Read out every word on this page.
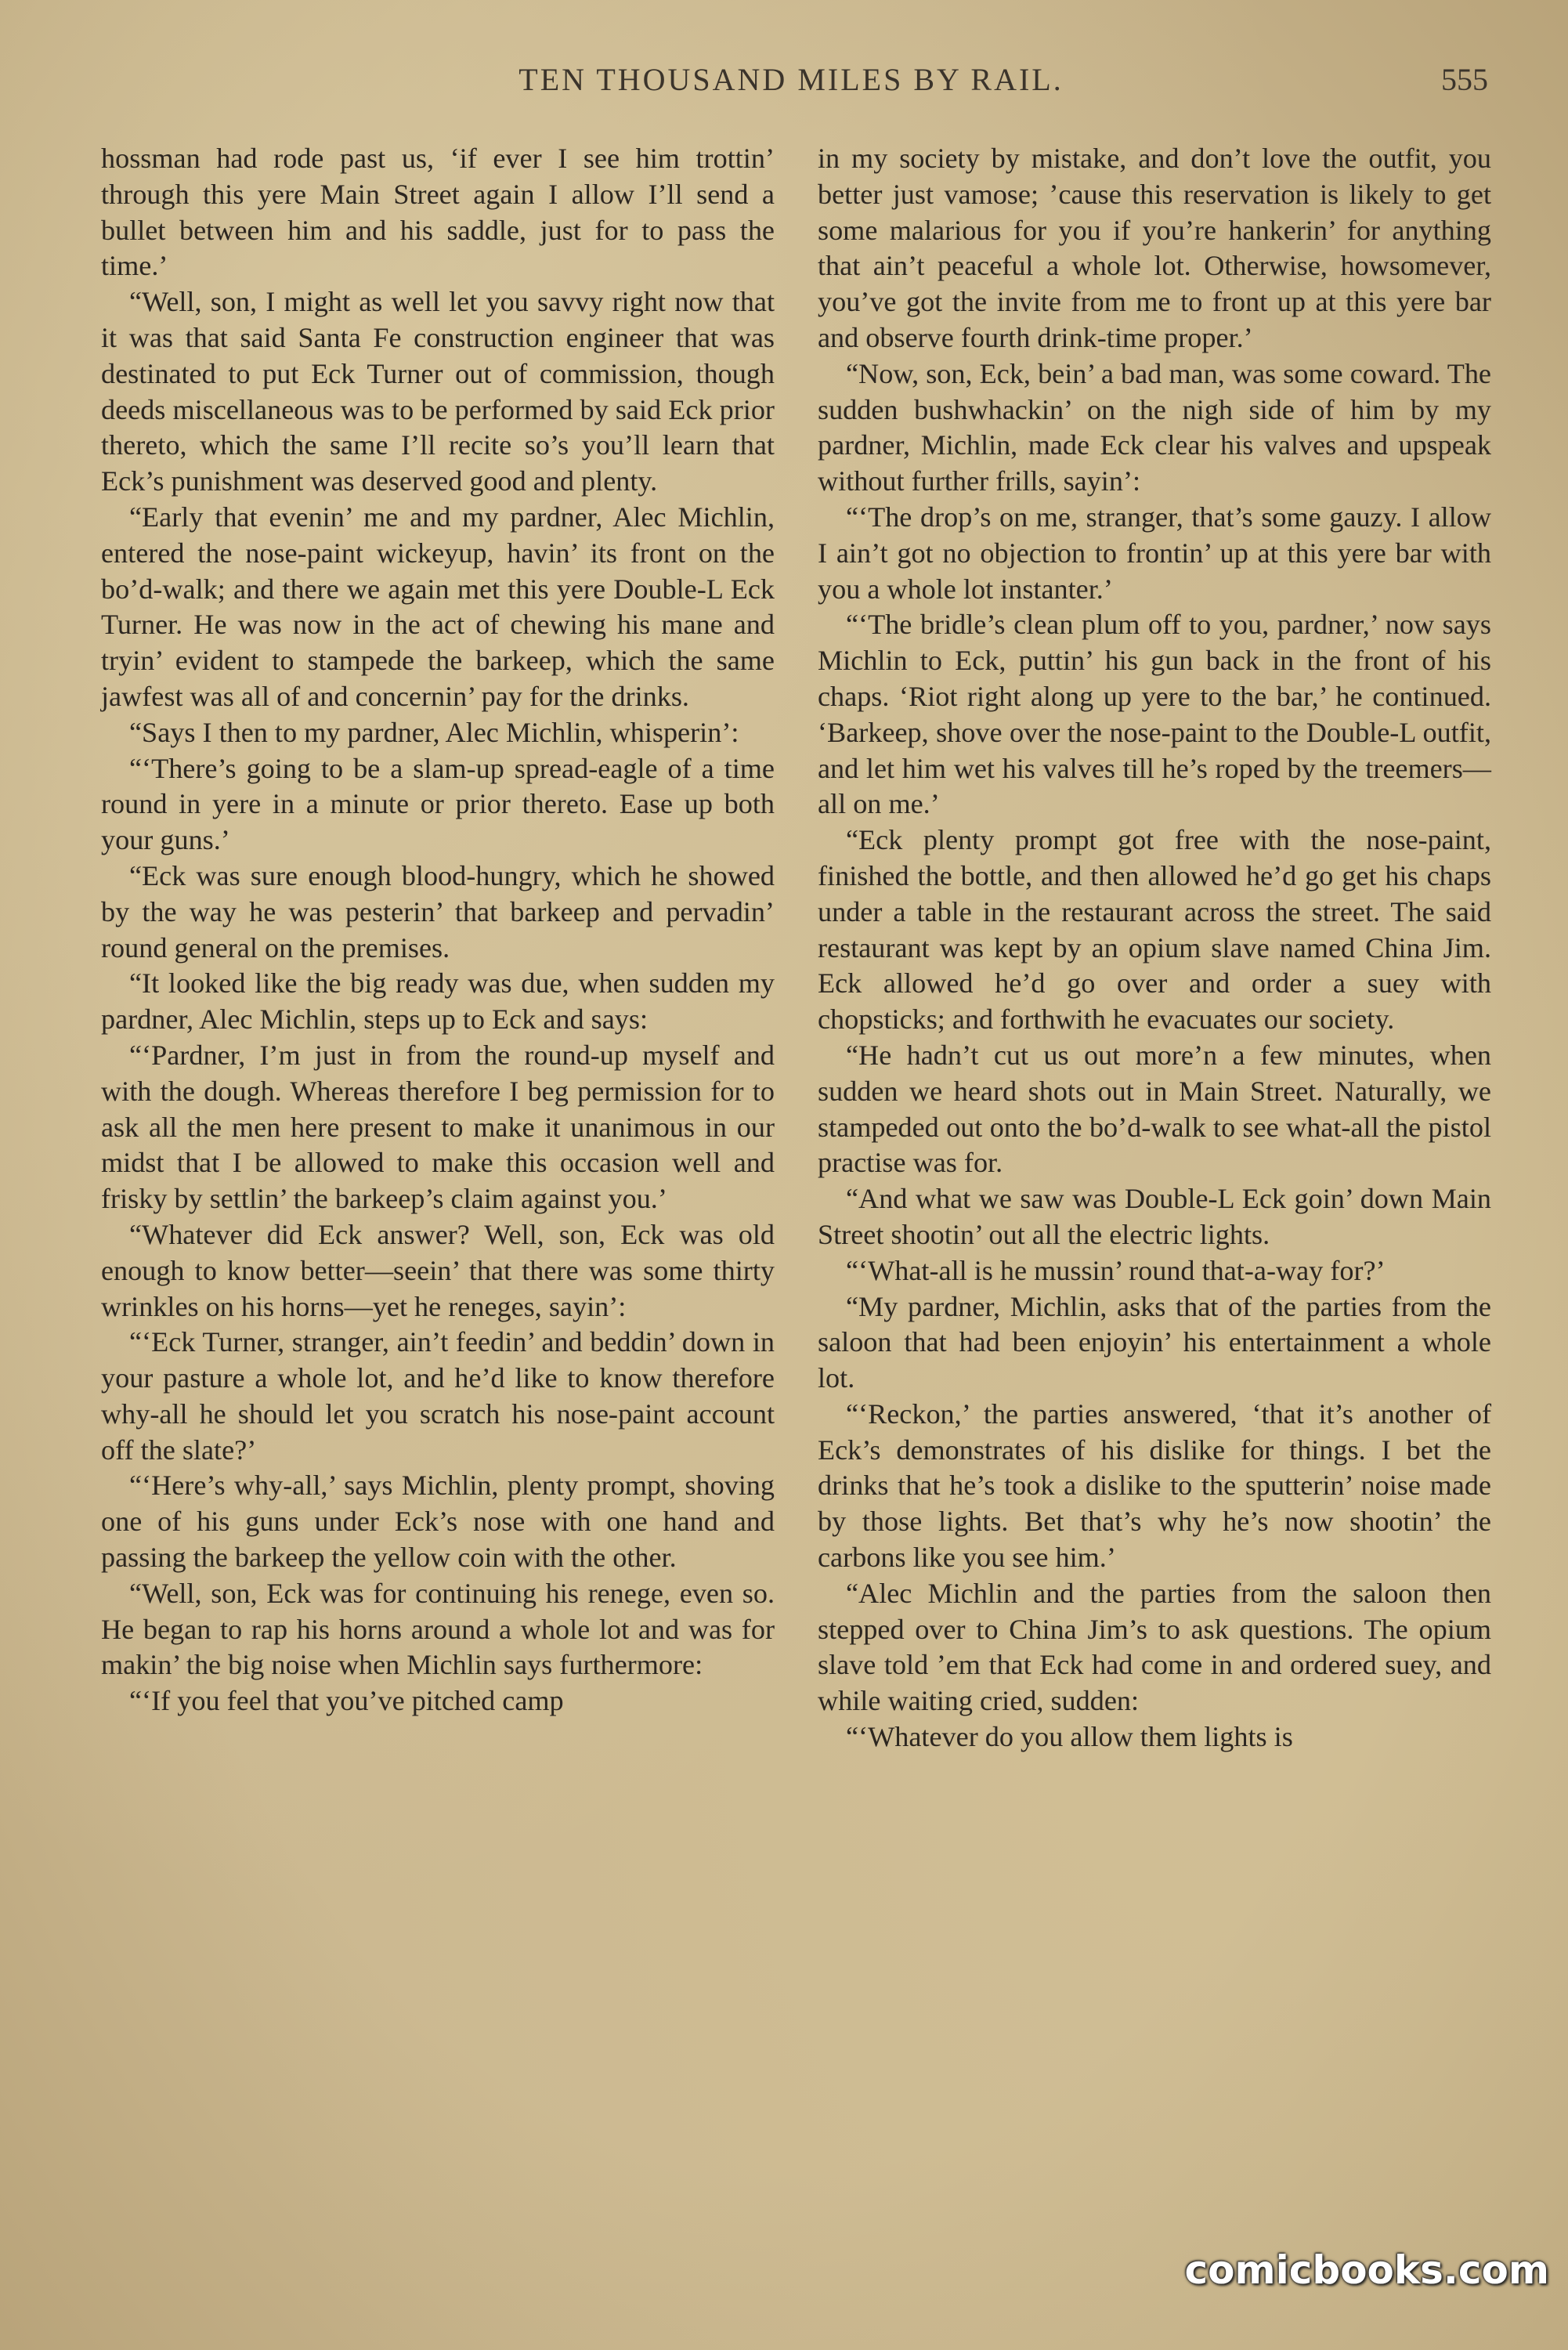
TEN THOUSAND MILES BY RAIL.	555

hossman had rode past us, ‘if ever I see him trottin’ through this yere Main Street again I allow I’ll send a bullet between him and his saddle, just for to pass the time.’

“Well, son, I might as well let you savvy right now that it was that said Santa Fe construction engineer that was destinated to put Eck Turner out of commission, though deeds miscellaneous was to be performed by said Eck prior thereto, which the same I’ll recite so’s you’ll learn that Eck’s punishment was deserved good and plenty.

“Early that evenin’ me and my pardner, Alec Michlin, entered the nose-paint wickeyup, havin’ its front on the bo’d-walk; and there we again met this yere Double-L Eck Turner. He was now in the act of chewing his mane and tryin’ evident to stampede the barkeep, which the same jawfest was all of and concernin’ pay for the drinks.

“Says I then to my pardner, Alec Michlin, whisperin’:

“‘There’s going to be a slam-up spread-eagle of a time round in yere in a minute or prior thereto. Ease up both your guns.’

“Eck was sure enough blood-hungry, which he showed by the way he was pesterin’ that barkeep and pervadin’ round general on the premises.

“It looked like the big ready was due, when sudden my pardner, Alec Michlin, steps up to Eck and says:

“‘Pardner, I’m just in from the round-up myself and with the dough. Whereas therefore I beg permission for to ask all the men here present to make it unanimous in our midst that I be allowed to make this occasion well and frisky by settlin’ the barkeep’s claim against you.’

“Whatever did Eck answer? Well, son, Eck was old enough to know better—seein’ that there was some thirty wrinkles on his horns—yet he reneges, sayin’:

“‘Eck Turner, stranger, ain’t feedin’ and beddin’ down in your pasture a whole lot, and he’d like to know therefore why-all he should let you scratch his nose-paint account off the slate?’

“‘Here’s why-all,’ says Michlin, plenty prompt, shoving one of his guns under Eck’s nose with one hand and passing the barkeep the yellow coin with the other.

“Well, son, Eck was for continuing his renege, even so. He began to rap his horns around a whole lot and was for makin’ the big noise when Michlin says furthermore:

“‘If you feel that you’ve pitched camp

in my society by mistake, and don’t love the outfit, you better just vamose; ’cause this reservation is likely to get some malarious for you if you’re hankerin’ for anything that ain’t peaceful a whole lot. Otherwise, howsomever, you’ve got the invite from me to front up at this yere bar and observe fourth drink-time proper.’

“Now, son, Eck, bein’ a bad man, was some coward. The sudden bushwhackin’ on the nigh side of him by my pardner, Michlin, made Eck clear his valves and upspeak without further frills, sayin’:

“‘The drop’s on me, stranger, that’s some gauzy. I allow I ain’t got no objection to frontin’ up at this yere bar with you a whole lot instanter.’

“‘The bridle’s clean plum off to you, pardner,’ now says Michlin to Eck, puttin’ his gun back in the front of his chaps. ‘Riot right along up yere to the bar,’ he continued. ‘Barkeep, shove over the nose-paint to the Double-L outfit, and let him wet his valves till he’s roped by the treemers—all on me.’

“Eck plenty prompt got free with the nose-paint, finished the bottle, and then allowed he’d go get his chaps under a table in the restaurant across the street. The said restaurant was kept by an opium slave named China Jim. Eck allowed he’d go over and order a suey with chopsticks; and forthwith he evacuates our society.

“He hadn’t cut us out more’n a few minutes, when sudden we heard shots out in Main Street. Naturally, we stampeded out onto the bo’d-walk to see what-all the pistol practise was for.

“And what we saw was Double-L Eck goin’ down Main Street shootin’ out all the electric lights.

“‘What-all is he mussin’ round that-a-way for?’

“My pardner, Michlin, asks that of the parties from the saloon that had been enjoyin’ his entertainment a whole lot.

“‘Reckon,’ the parties answered, ‘that it’s another of Eck’s demonstrates of his dislike for things. I bet the drinks that he’s took a dislike to the sputterin’ noise made by those lights. Bet that’s why he’s now shootin’ the carbons like you see him.’

“Alec Michlin and the parties from the saloon then stepped over to China Jim’s to ask questions. The opium slave told ’em that Eck had come in and ordered suey, and while waiting cried, sudden:

“‘Whatever do you allow them lights is

comicbooks.com
